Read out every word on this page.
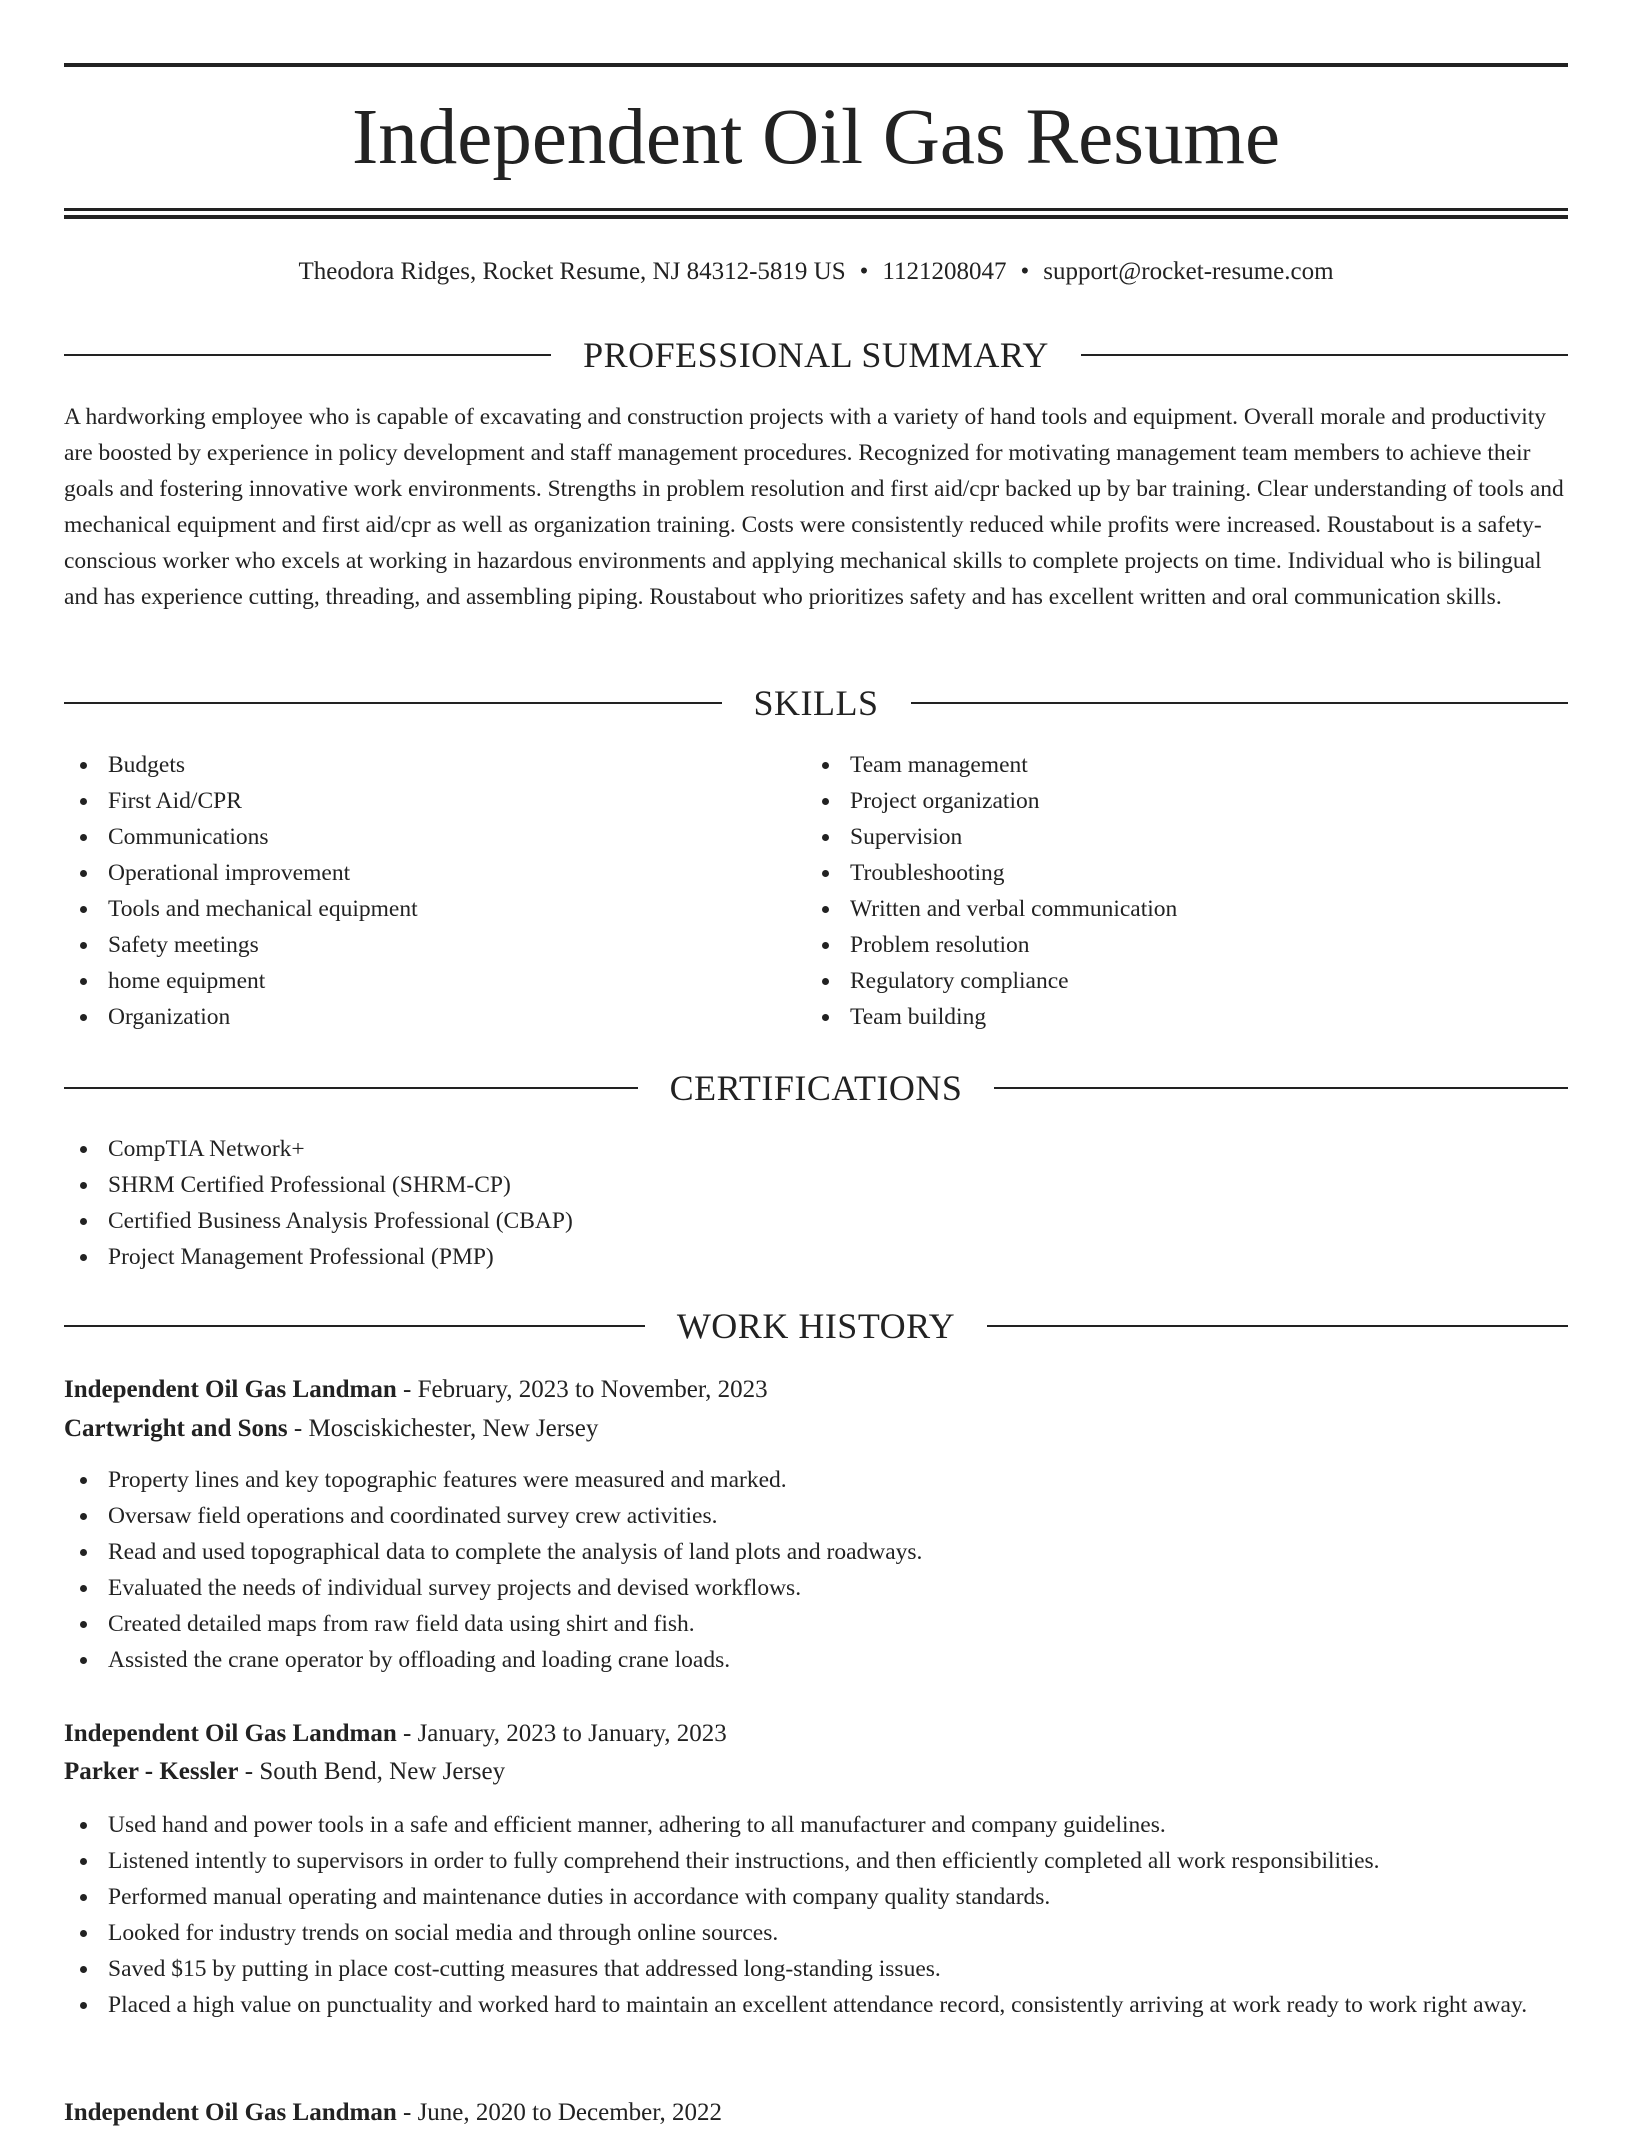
Independent Oil Gas Resume
Theodora Ridges, Rocket Resume, NJ 84312-5819 US • 1121208047 • support@rocket-resume.com
PROFESSIONAL SUMMARY

A hardworking employee who is capable of excavating and construction projects with a variety of hand tools and equipment. Overall morale and productivity are boosted by experience in policy development and staff management procedures. Recognized for motivating management team members to achieve their goals and fostering innovative work environments. Strengths in problem resolution and first aid/cpr backed up by bar training. Clear understanding of tools and mechanical equipment and first aid/cpr as well as organization training. Costs were consistently reduced while profits were increased. Roustabout is a safety-conscious worker who excels at working in hazardous environments and applying mechanical skills to complete projects on time. Individual who is bilingual and has experience cutting, threading, and assembling piping. Roustabout who prioritizes safety and has excellent written and oral communication skills.

SKILLS
Budgets
First Aid/CPR
Communications
Operational improvement
Tools and mechanical equipment
Safety meetings
home equipment
Organization
Team management
Project organization
Supervision
Troubleshooting
Written and verbal communication
Problem resolution
Regulatory compliance
Team building
CERTIFICATIONS
CompTIA Network+
SHRM Certified Professional (SHRM-CP)
Certified Business Analysis Professional (CBAP)
Project Management Professional (PMP)
WORK HISTORY
Independent Oil Gas Landman - February, 2023 to November, 2023
Cartwright and Sons - Mosciskichester, New Jersey
Property lines and key topographic features were measured and marked.
Oversaw field operations and coordinated survey crew activities.
Read and used topographical data to complete the analysis of land plots and roadways.
Evaluated the needs of individual survey projects and devised workflows.
Created detailed maps from raw field data using shirt and fish.
Assisted the crane operator by offloading and loading crane loads.
Independent Oil Gas Landman - January, 2023 to January, 2023
Parker - Kessler - South Bend, New Jersey
Used hand and power tools in a safe and efficient manner, adhering to all manufacturer and company guidelines.
Listened intently to supervisors in order to fully comprehend their instructions, and then efficiently completed all work responsibilities.
Performed manual operating and maintenance duties in accordance with company quality standards.
Looked for industry trends on social media and through online sources.
Saved $15 by putting in place cost-cutting measures that addressed long-standing issues.
Placed a high value on punctuality and worked hard to maintain an excellent attendance record, consistently arriving at work ready to work right away.
Independent Oil Gas Landman - June, 2020 to December, 2022
